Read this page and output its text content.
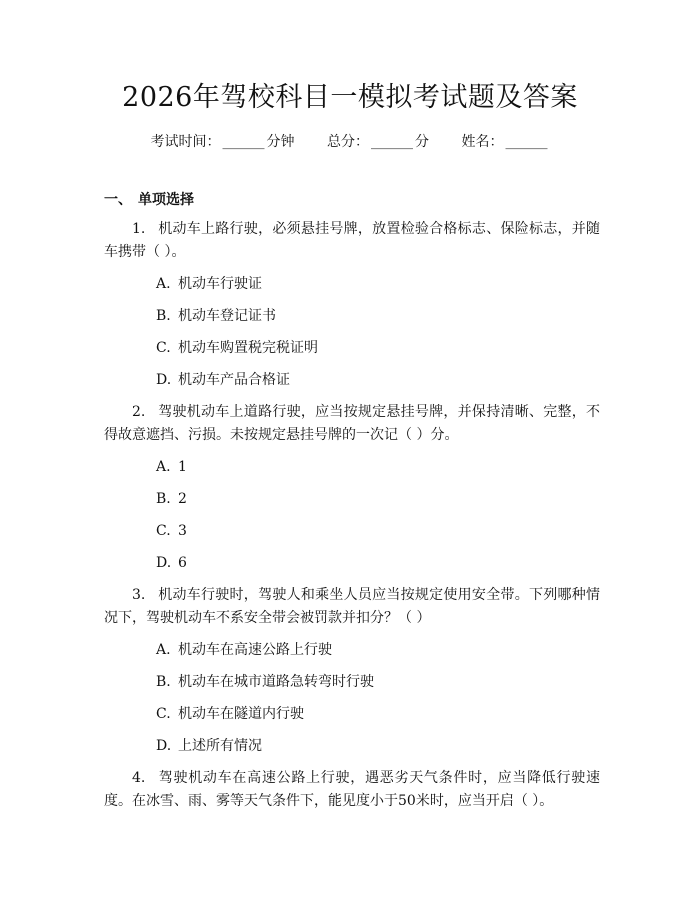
2026年驾校科目一模拟考试题及答案
考试时间： ______ 分钟 总分： ______ 分 姓名： ______
一、 单项选择

1. 机动车上路行驶，必须悬挂号牌，放置检验合格标志、保险标志，并随车携带（ ）。

A. 机动车行驶证
B. 机动车登记证书
C. 机动车购置税完税证明
D. 机动车产品合格证

2. 驾驶机动车上道路行驶，应当按规定悬挂号牌，并保持清晰、完整，不得故意遮挡、污损。未按规定悬挂号牌的一次记（ ）分。

A. 1
B. 2
C. 3
D. 6

3. 机动车行驶时，驾驶人和乘坐人员应当按规定使用安全带。下列哪种情况下，驾驶机动车不系安全带会被罚款并扣分？（ ）

A. 机动车在高速公路上行驶
B. 机动车在城市道路急转弯时行驶
C. 机动车在隧道内行驶
D. 上述所有情况

4. 驾驶机动车在高速公路上行驶，遇恶劣天气条件时，应当降低行驶速度。在冰雪、雨、雾等天气条件下，能见度小于50米时，应当开启（ ）。
